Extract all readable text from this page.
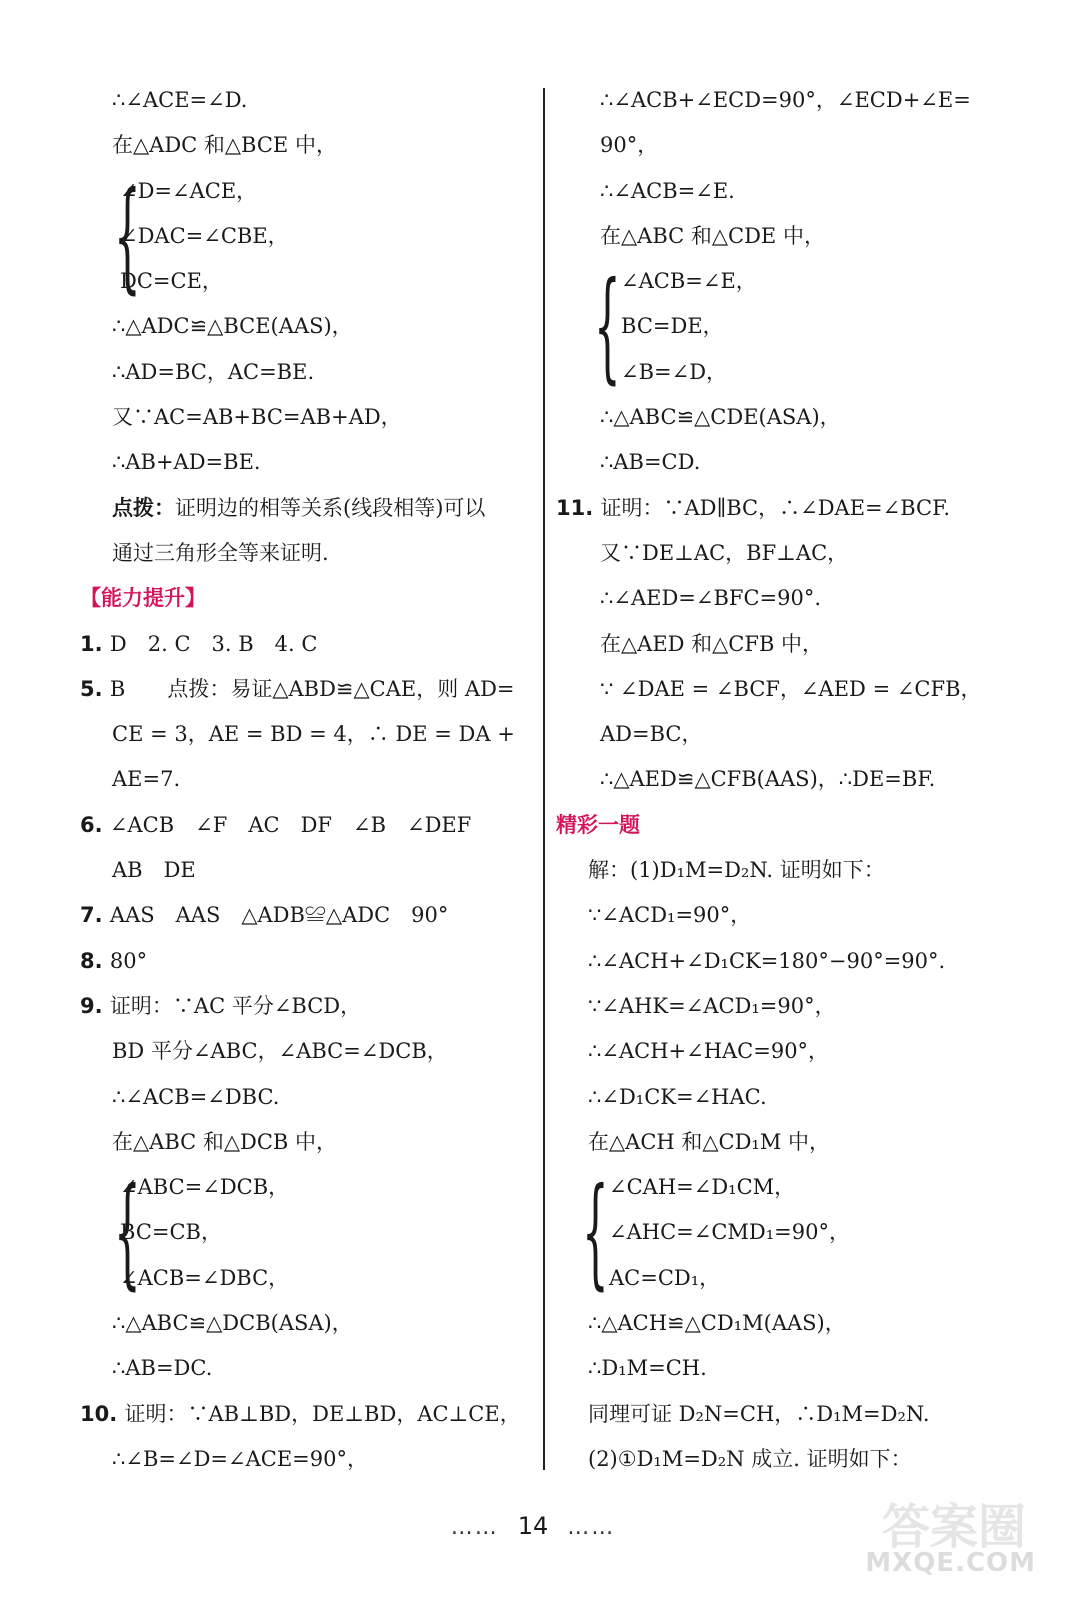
∴∠ACE=∠D.
在△ADC 和△BCE 中，
{
∠D=∠ACE，
∠DAC=∠CBE，
DC=CE，
∴△ADC≌△BCE(AAS)，
∴AD=BC，AC=BE.
又∵AC=AB+BC=AB+AD，
∴AB+AD=BE.
点拨：证明边的相等关系(线段相等)可以
通过三角形全等来证明.
【能力提升】
1. D　2. C　3. B　4. C
5. B　　点拨：易证△ABD≌△CAE，则 AD=
CE = 3，AE = BD = 4，∴ DE = DA +
AE=7.
6. ∠ACB　∠F　AC　DF　∠B　∠DEF
AB　DE
7. AAS　AAS　△ADB≌△ADC　90°
8. 80°
9. 证明：∵AC 平分∠BCD，
BD 平分∠ABC，∠ABC=∠DCB，
∴∠ACB=∠DBC.
在△ABC 和△DCB 中，
{
∠ABC=∠DCB，
BC=CB，
∠ACB=∠DBC，
∴△ABC≌△DCB(ASA)，
∴AB=DC.
10. 证明：∵AB⊥BD，DE⊥BD，AC⊥CE，
∴∠B=∠D=∠ACE=90°，
∴∠ACB+∠ECD=90°，∠ECD+∠E=
90°，
∴∠ACB=∠E.
在△ABC 和△CDE 中，
{
　∠ACB=∠E，
　BC=DE，
　∠B=∠D，
∴△ABC≌△CDE(ASA)，
∴AB=CD.
11. 证明：∵AD∥BC，∴∠DAE=∠BCF.
又∵DE⊥AC，BF⊥AC，
∴∠AED=∠BFC=90°.
在△AED 和△CFB 中，
∵ ∠DAE = ∠BCF，∠AED = ∠CFB，
AD=BC，
∴△AED≌△CFB(AAS)，∴DE=BF.
精彩一题
解：(1)D₁M=D₂N. 证明如下：
∵∠ACD₁=90°，
∴∠ACH+∠D₁CK=180°−90°=90°.
∵∠AHK=∠ACD₁=90°，
∴∠ACH+∠HAC=90°，
∴∠D₁CK=∠HAC.
在△ACH 和△CD₁M 中，
{
　∠CAH=∠D₁CM，
　∠AHC=∠CMD₁=90°，
　AC=CD₁，
∴△ACH≌△CD₁M(AAS)，
∴D₁M=CH.
同理可证 D₂N=CH，∴D₁M=D₂N.
(2)①D₁M=D₂N 成立. 证明如下：
…… 14 ……	答案圈
MXQE.COM
